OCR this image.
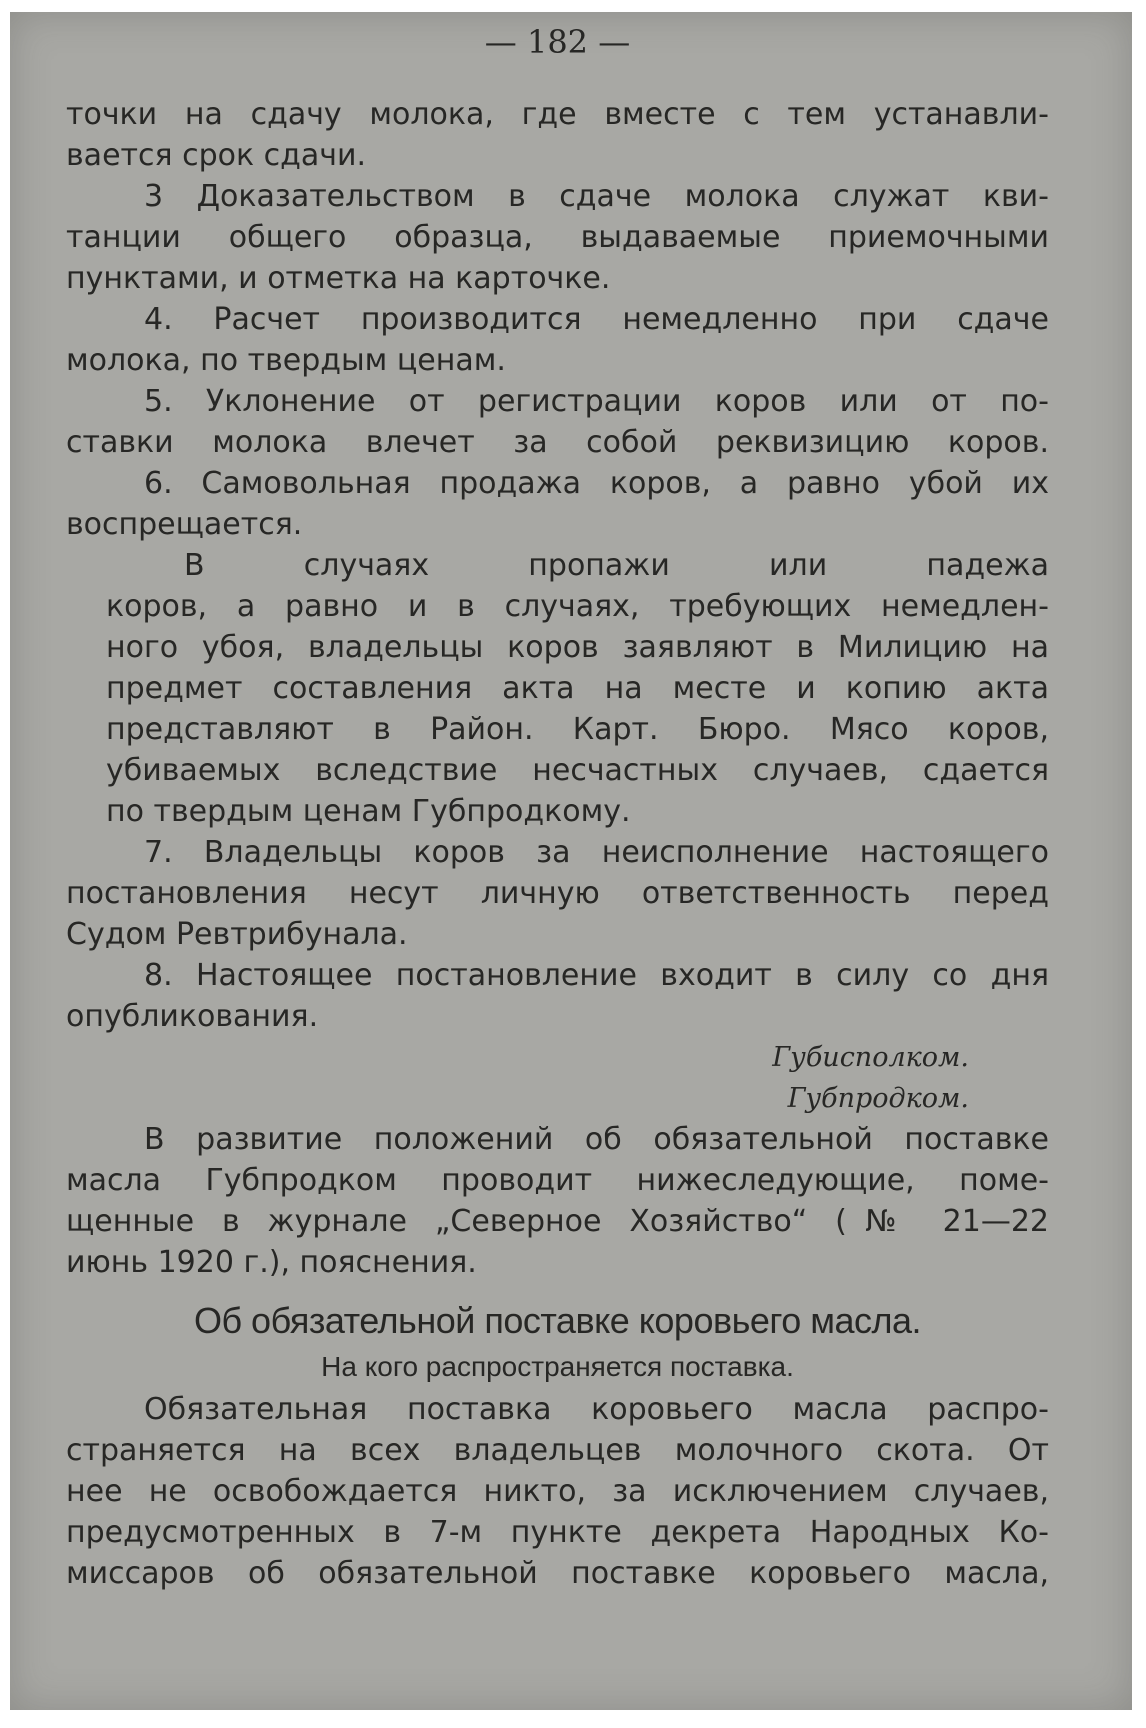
— 182 —

точки на сдачу молока, где вместе с тем устанавли-

вается срок сдачи.

3 Доказательством в сдаче молока служат кви-

танции общего образца, выдаваемые приемочными

пунктами, и отметка на карточке.

4. Расчет производится немедленно при сдаче

молока, по твердым ценам.

5. Уклонение от регистрации коров или от по-

ставки молока влечет за собой реквизицию коров.

6. Самовольная продажа коров, а равно убой их

воспрещается.

В случаях пропажи или падежа

коров, а равно и в случаях, требующих немедлен-

ного убоя, владельцы коров заявляют в Милицию на

предмет составления акта на месте и копию акта

представляют в Район. Карт. Бюро. Мясо коров,

убиваемых вследствие несчастных случаев, сдается

по твердым ценам Губпродкому.

7. Владельцы коров за неисполнение настоящего

постановления несут личную ответственность перед

Судом Ревтрибунала.

8. Настоящее постановление входит в силу со дня

опубликования.

Губисполком.

Губпродком.

В развитие положений об обязательной поставке

масла Губпродком проводит нижеследующие, поме-

щенные в журнале „Северное Хозяйство“ (№ 21—22

июнь 1920 г.), пояснения.

Об обязательной поставке коровьего масла.

На кого распространяется поставка.

Обязательная поставка коровьего масла распро-

страняется на всех владельцев молочного скота. От

нее не освобождается никто, за исключением случаев,

предусмотренных в 7-м пункте декрета Народных Ко-

миссаров об обязательной поставке коровьего масла,
